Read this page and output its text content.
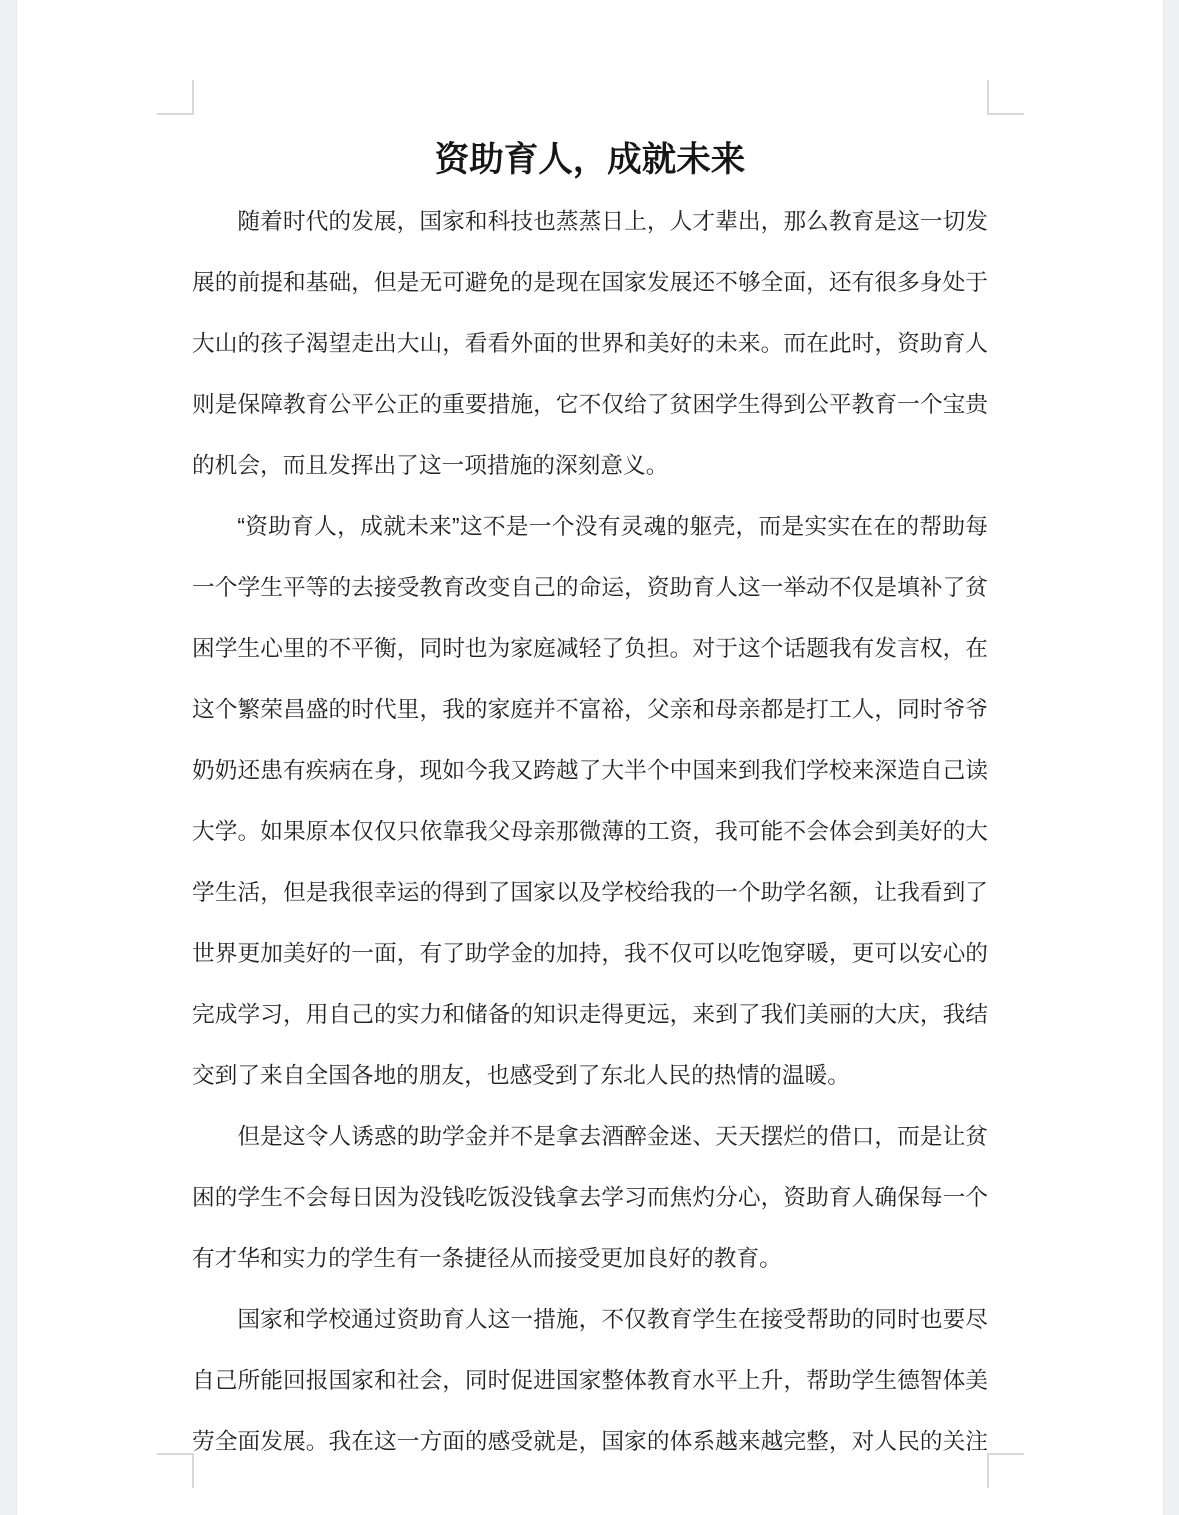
资助育人，成就未来
随着时代的发展，国家和科技也蒸蒸日上，人才辈出，那么教育是这一切发
展的前提和基础，但是无可避免的是现在国家发展还不够全面，还有很多身处于
大山的孩子渴望走出大山，看看外面的世界和美好的未来。而在此时，资助育人
则是保障教育公平公正的重要措施，它不仅给了贫困学生得到公平教育一个宝贵
的机会，而且发挥出了这一项措施的深刻意义。
“资助育人，成就未来”这不是一个没有灵魂的躯壳，而是实实在在的帮助每
一个学生平等的去接受教育改变自己的命运，资助育人这一举动不仅是填补了贫
困学生心里的不平衡，同时也为家庭减轻了负担。对于这个话题我有发言权，在
这个繁荣昌盛的时代里，我的家庭并不富裕，父亲和母亲都是打工人，同时爷爷
奶奶还患有疾病在身，现如今我又跨越了大半个中国来到我们学校来深造自己读
大学。如果原本仅仅只依靠我父母亲那微薄的工资，我可能不会体会到美好的大
学生活，但是我很幸运的得到了国家以及学校给我的一个助学名额，让我看到了
世界更加美好的一面，有了助学金的加持，我不仅可以吃饱穿暖，更可以安心的
完成学习，用自己的实力和储备的知识走得更远，来到了我们美丽的大庆，我结
交到了来自全国各地的朋友，也感受到了东北人民的热情的温暖。
但是这令人诱惑的助学金并不是拿去酒醉金迷、天天摆烂的借口，而是让贫
困的学生不会每日因为没钱吃饭没钱拿去学习而焦灼分心，资助育人确保每一个
有才华和实力的学生有一条捷径从而接受更加良好的教育。
国家和学校通过资助育人这一措施，不仅教育学生在接受帮助的同时也要尽
自己所能回报国家和社会，同时促进国家整体教育水平上升，帮助学生德智体美
劳全面发展。我在这一方面的感受就是，国家的体系越来越完整，对人民的关注
